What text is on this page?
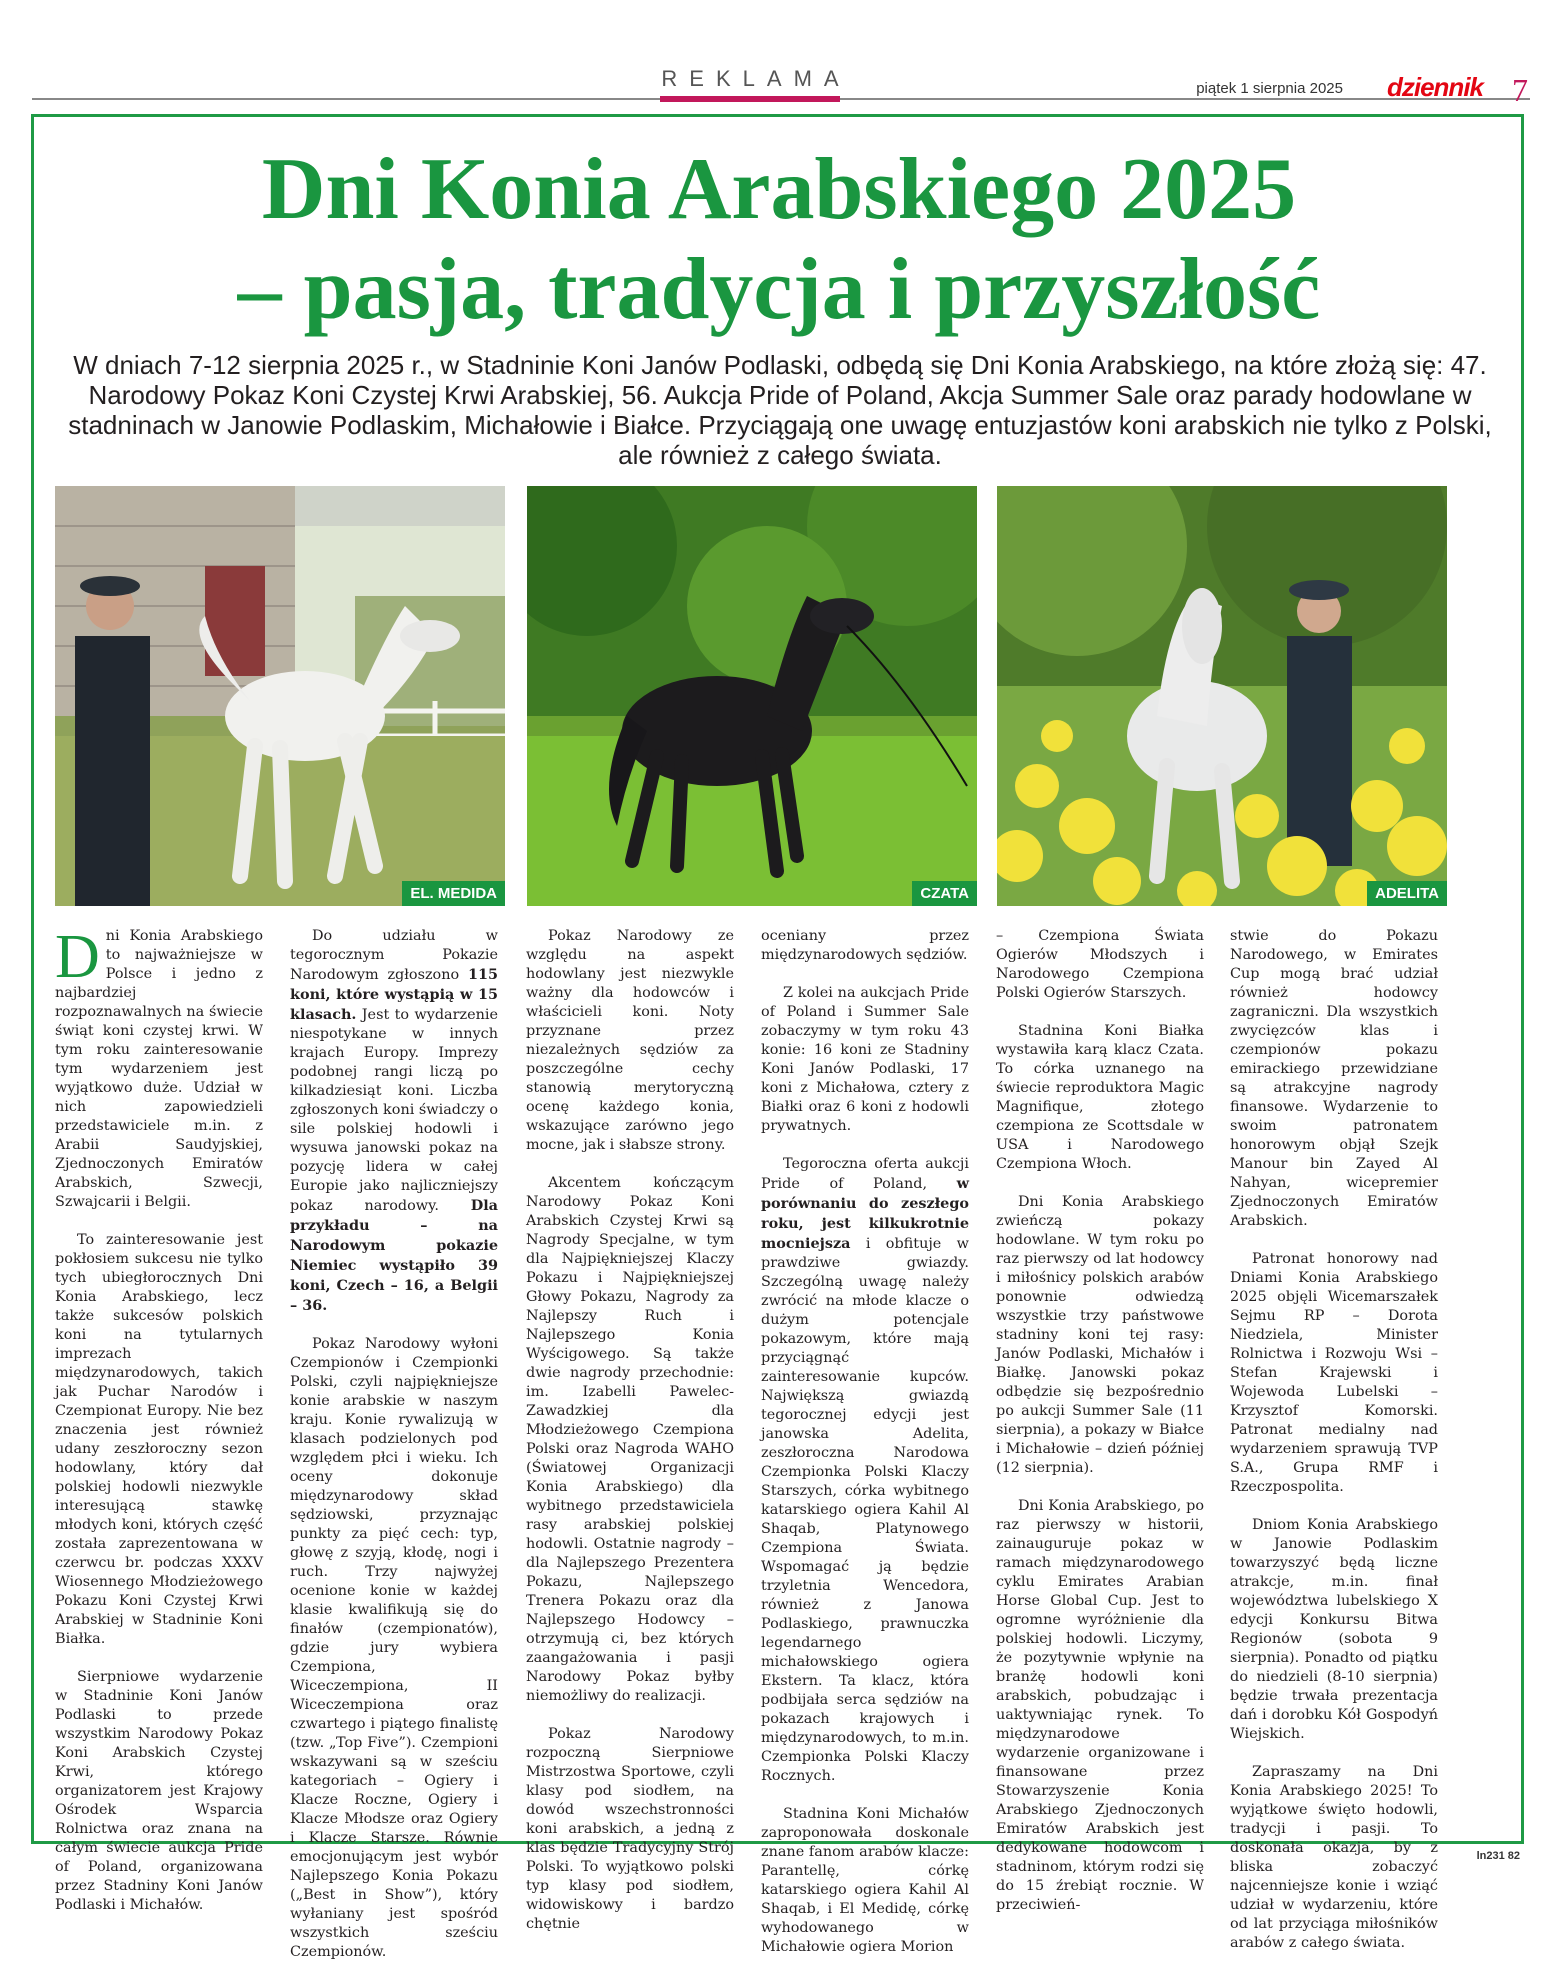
REKLAMA	piątek 1 sierpnia 2025 dziennik 7
Dni Konia Arabskiego 2025
– pasja, tradycja i przyszłość
W dniach 7-12 sierpnia 2025 r., w Stadninie Koni Janów Podlaski, odbędą się Dni Konia Arabskiego, na które złożą się: 47. Narodowy Pokaz Koni Czystej Krwi Arabskiej, 56. Aukcja Pride of Poland, Akcja Summer Sale oraz parady hodowlane w stadninach w Janowie Podlaskim, Michałowie i Białce. Przyciągają one uwagę entuzjastów koni arabskich nie tylko z Polski, ale również z całego świata.
EL. MEDIDA	CZATA	ADELITA

Dni Konia Arabskiego to najważniejsze w Polsce i jedno z najbardziej rozpoznawalnych na świecie świąt koni czystej krwi. W tym roku zainteresowanie tym wydarzeniem jest wyjątkowo duże. Udział w nich zapowiedzieli przedstawiciele m.in. z Arabii Saudyjskiej, Zjednoczonych Emiratów Arabskich, Szwecji, Szwajcarii i Belgii.

To zainteresowanie jest pokłosiem sukcesu nie tylko tych ubiegłorocznych Dni Konia Arabskiego, lecz także sukcesów polskich koni na tytularnych imprezach międzynarodowych, takich jak Puchar Narodów i Czempionat Europy. Nie bez znaczenia jest również udany zeszłoroczny sezon hodowlany, który dał polskiej hodowli niezwykle interesującą stawkę młodych koni, których część została zaprezentowana w czerwcu br. podczas XXXV Wiosennego Młodzieżowego Pokazu Koni Czystej Krwi Arabskiej w Stadninie Koni Białka.

Sierpniowe wydarzenie w Stadninie Koni Janów Podlaski to przede wszystkim Narodowy Pokaz Koni Arabskich Czystej Krwi, którego organizatorem jest Krajowy Ośrodek Wsparcia Rolnictwa oraz znana na całym świecie aukcja Pride of Poland, organizowana przez Stadniny Koni Janów Podlaski i Michałów.

Do udziału w tegorocznym Pokazie Narodowym zgłoszono 115 koni, które wystąpią w 15 klasach. Jest to wydarzenie niespotykane w innych krajach Europy. Imprezy podobnej rangi liczą po kilkadziesiąt koni. Liczba zgłoszonych koni świadczy o sile polskiej hodowli i wysuwa janowski pokaz na pozycję lidera w całej Europie jako najliczniejszy pokaz narodowy. Dla przykładu – na Narodowym pokazie Niemiec wystąpiło 39 koni, Czech – 16, a Belgii – 36.

Pokaz Narodowy wyłoni Czempionów i Czempionki Polski, czyli najpiękniejsze konie arabskie w naszym kraju. Konie rywalizują w klasach podzielonych pod względem płci i wieku. Ich oceny dokonuje międzynarodowy skład sędziowski, przyznając punkty za pięć cech: typ, głowę z szyją, kłodę, nogi i ruch. Trzy najwyżej ocenione konie w każdej klasie kwalifikują się do finałów (czempionatów), gdzie jury wybiera Czempiona, Wiceczempiona, II Wiceczempiona oraz czwartego i piątego finalistę (tzw. „Top Five”). Czempioni wskazywani są w sześciu kategoriach – Ogiery i Klacze Roczne, Ogiery i Klacze Młodsze oraz Ogiery i Klacze Starsze. Równie emocjonującym jest wybór Najlepszego Konia Pokazu („Best in Show”), który wyłaniany jest spośród wszystkich sześciu Czempionów.

Pokaz Narodowy ze względu na aspekt hodowlany jest niezwykle ważny dla hodowców i właścicieli koni. Noty przyznane przez niezależnych sędziów za poszczególne cechy stanowią merytoryczną ocenę każdego konia, wskazujące zarówno jego mocne, jak i słabsze strony.

Akcentem kończącym Narodowy Pokaz Koni Arabskich Czystej Krwi są Nagrody Specjalne, w tym dla Najpiękniejszej Klaczy Pokazu i Najpiękniejszej Głowy Pokazu, Nagrody za Najlepszy Ruch i Najlepszego Konia Wyścigowego. Są także dwie nagrody przechodnie: im. Izabelli Pawelec-Zawadzkiej dla Młodzieżowego Czempiona Polski oraz Nagroda WAHO (Światowej Organizacji Konia Arabskiego) dla wybitnego przedstawiciela rasy arabskiej polskiej hodowli. Ostatnie nagrody – dla Najlepszego Prezentera Pokazu, Najlepszego Trenera Pokazu oraz dla Najlepszego Hodowcy – otrzymują ci, bez których zaangażowania i pasji Narodowy Pokaz byłby niemożliwy do realizacji.

Pokaz Narodowy rozpoczną Sierpniowe Mistrzostwa Sportowe, czyli klasy pod siodłem, na dowód wszechstronności koni arabskich, a jedną z klas będzie Tradycyjny Strój Polski. To wyjątkowo polski typ klasy pod siodłem, widowiskowy i bardzo chętnie

oceniany przez międzynarodowych sędziów.

Z kolei na aukcjach Pride of Poland i Summer Sale zobaczymy w tym roku 43 konie: 16 koni ze Stadniny Koni Janów Podlaski, 17 koni z Michałowa, cztery z Białki oraz 6 koni z hodowli prywatnych.

Tegoroczna oferta aukcji Pride of Poland, w porównaniu do zeszłego roku, jest kilkukrotnie mocniejsza i obfituje w prawdziwe gwiazdy. Szczególną uwagę należy zwrócić na młode klacze o dużym potencjale pokazowym, które mają przyciągnąć zainteresowanie kupców. Największą gwiazdą tegorocznej edycji jest janowska Adelita, zeszłoroczna Narodowa Czempionka Polski Klaczy Starszych, córka wybitnego katarskiego ogiera Kahil Al Shaqab, Platynowego Czempiona Świata. Wspomagać ją będzie trzyletnia Wencedora, również z Janowa Podlaskiego, prawnuczka legendarnego michałowskiego ogiera Ekstern. Ta klacz, która podbijała serca sędziów na pokazach krajowych i międzynarodowych, to m.in. Czempionka Polski Klaczy Rocznych.

Stadnina Koni Michałów zaproponowała doskonale znane fanom arabów klacze: Parantellę, córkę katarskiego ogiera Kahil Al Shaqab, i El Medidę, córkę wyhodowanego w Michałowie ogiera Morion

– Czempiona Świata Ogierów Młodszych i Narodowego Czempiona Polski Ogierów Starszych.

Stadnina Koni Białka wystawiła karą klacz Czata. To córka uznanego na świecie reproduktora Magic Magnifique, złotego czempiona ze Scottsdale w USA i Narodowego Czempiona Włoch.

Dni Konia Arabskiego zwieńczą pokazy hodowlane. W tym roku po raz pierwszy od lat hodowcy i miłośnicy polskich arabów ponownie odwiedzą wszystkie trzy państwowe stadniny koni tej rasy: Janów Podlaski, Michałów i Białkę. Janowski pokaz odbędzie się bezpośrednio po aukcji Summer Sale (11 sierpnia), a pokazy w Białce i Michałowie – dzień później (12 sierpnia).

Dni Konia Arabskiego, po raz pierwszy w historii, zainauguruje pokaz w ramach międzynarodowego cyklu Emirates Arabian Horse Global Cup. Jest to ogromne wyróżnienie dla polskiej hodowli. Liczymy, że pozytywnie wpłynie na branżę hodowli koni arabskich, pobudzając i uaktywniając rynek. To międzynarodowe wydarzenie organizowane i finansowane przez Stowarzyszenie Konia Arabskiego Zjednoczonych Emiratów Arabskich jest dedykowane hodowcom i stadninom, którym rodzi się do 15 źrebiąt rocznie. W przeciwień-

stwie do Pokazu Narodowego, w Emirates Cup mogą brać udział również hodowcy zagraniczni. Dla wszystkich zwycięzców klas i czempionów pokazu emirackiego przewidziane są atrakcyjne nagrody finansowe. Wydarzenie to swoim patronatem honorowym objął Szejk Manour bin Zayed Al Nahyan, wicepremier Zjednoczonych Emiratów Arabskich.

Patronat honorowy nad Dniami Konia Arabskiego 2025 objęli Wicemarszałek Sejmu RP – Dorota Niedziela, Minister Rolnictwa i Rozwoju Wsi – Stefan Krajewski i Wojewoda Lubelski – Krzysztof Komorski. Patronat medialny nad wydarzeniem sprawują TVP S.A., Grupa RMF i Rzeczpospolita.

Dniom Konia Arabskiego w Janowie Podlaskim towarzyszyć będą liczne atrakcje, m.in. finał województwa lubelskiego X edycji Konkursu Bitwa Regionów (sobota 9 sierpnia). Ponadto od piątku do niedzieli (8-10 sierpnia) będzie trwała prezentacja dań i dorobku Kół Gospodyń Wiejskich.

Zapraszamy na Dni Konia Arabskiego 2025! To wyjątkowe święto hodowli, tradycji i pasji. To doskonała okazja, by z bliska zobaczyć najcenniejsze konie i wziąć udział w wydarzeniu, które od lat przyciąga miłośników arabów z całego świata.

ln231 82
